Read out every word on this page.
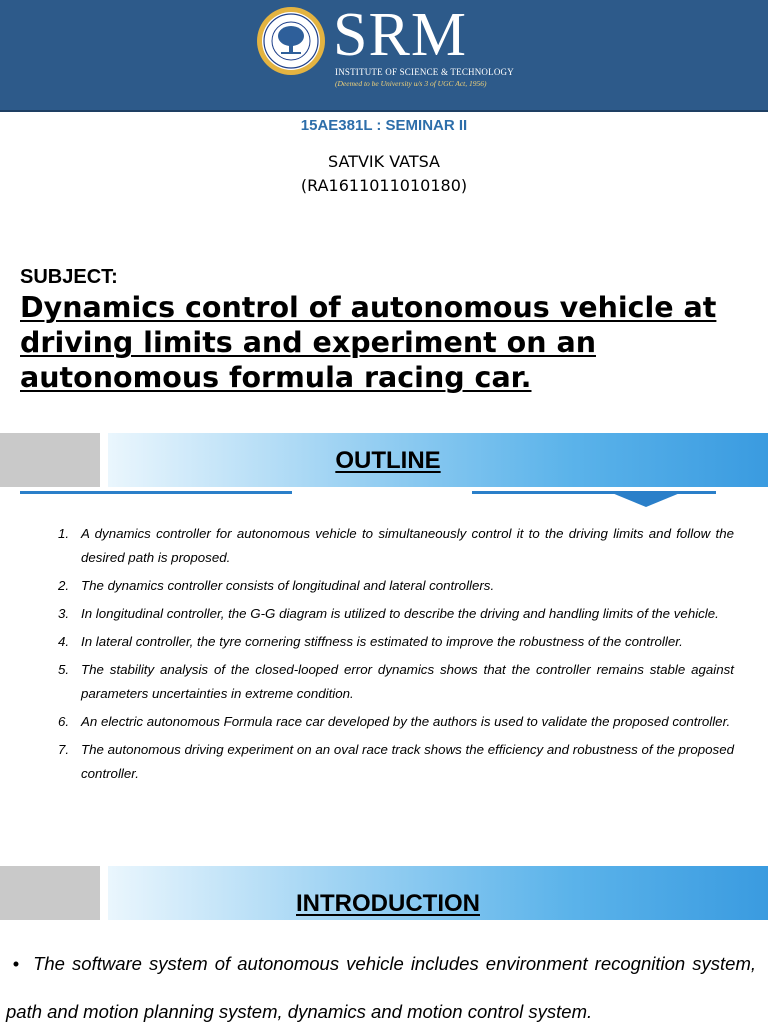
SRM
INSTITUTE OF SCIENCE & TECHNOLOGY
(Deemed to be University u/s 3 of UGC Act, 1956)
15AE381L : SEMINAR II
SATVIK VATSA
(RA1611011010180)
SUBJECT:
Dynamics control of autonomous vehicle at driving limits and experiment on an autonomous formula racing car.
OUTLINE
1. A dynamics controller for autonomous vehicle to simultaneously control it to the driving limits and follow the desired path is proposed.
2. The dynamics controller consists of longitudinal and lateral controllers.
3. In longitudinal controller, the G-G diagram is utilized to describe the driving and handling limits of the vehicle.
4. In lateral controller, the tyre cornering stiffness is estimated to improve the robustness of the controller.
5. The stability analysis of the closed-looped error dynamics shows that the controller remains stable against parameters uncertainties in extreme condition.
6. An electric autonomous Formula race car developed by the authors is used to validate the proposed controller.
7. The autonomous driving experiment on an oval race track shows the efficiency and robustness of the proposed controller.
INTRODUCTION
• The software system of autonomous vehicle includes environment recognition system, path and motion planning system, dynamics and motion control system.
